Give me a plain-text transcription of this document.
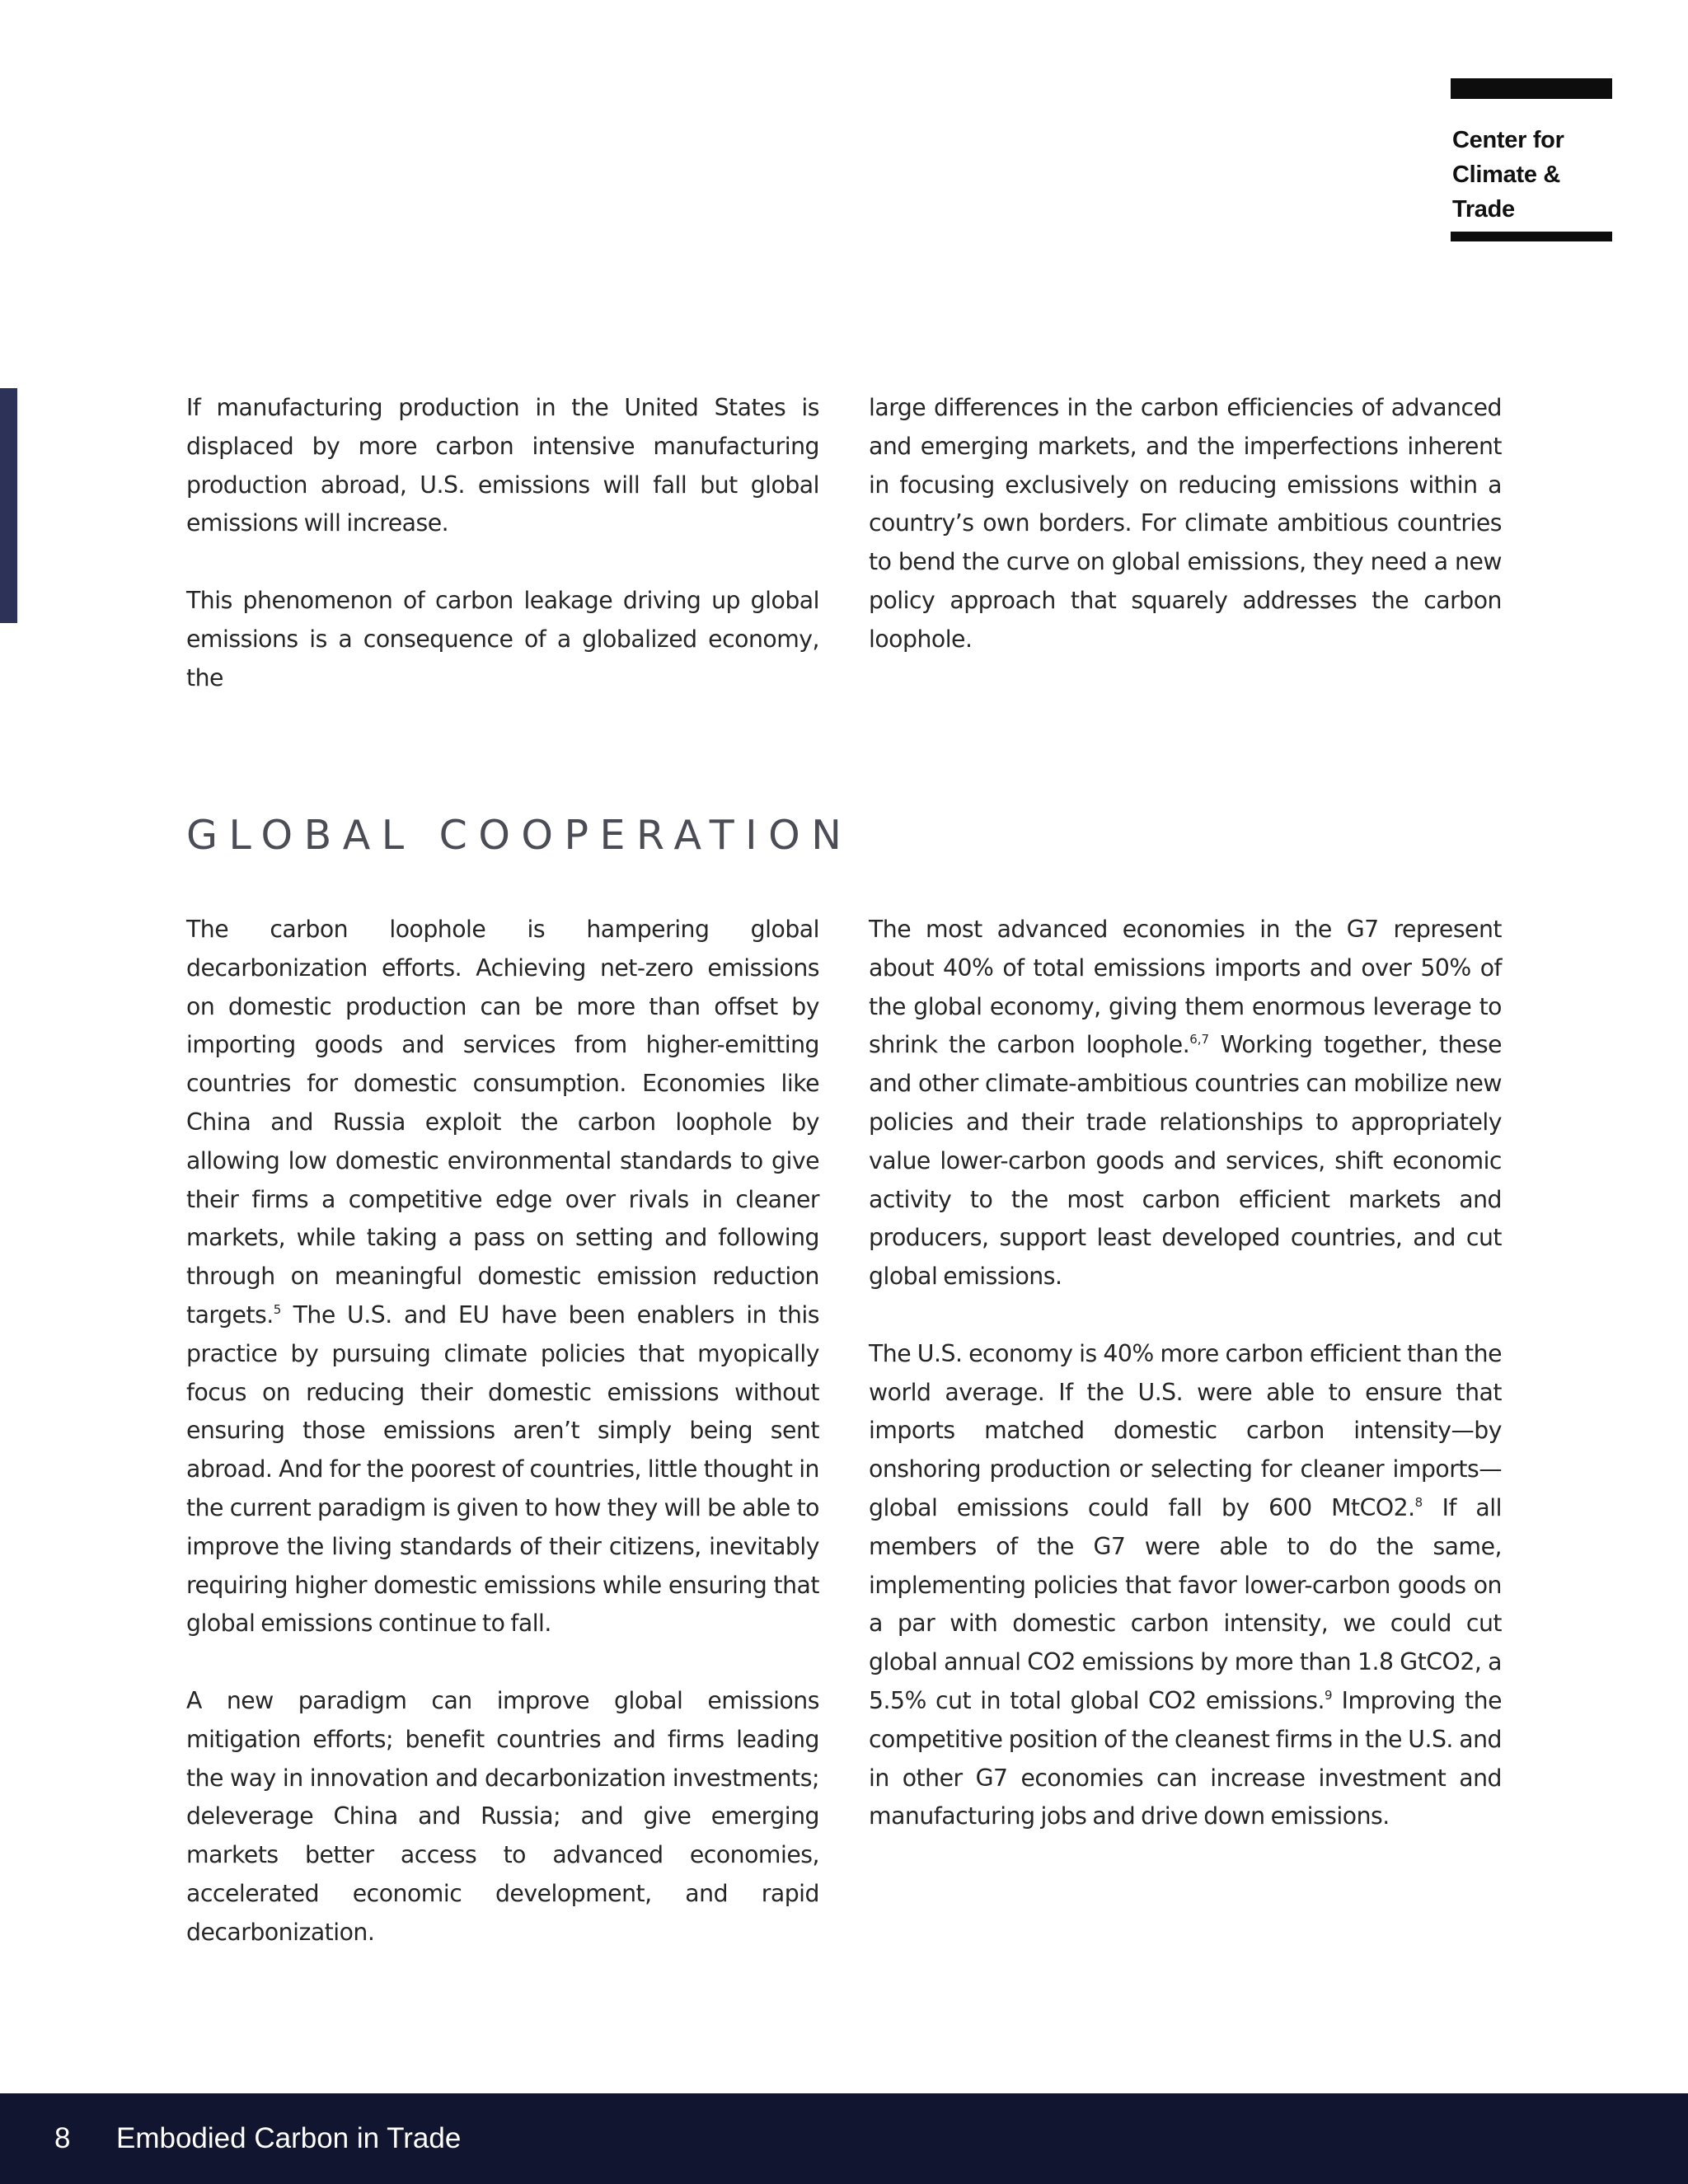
Center for
Climate &
Trade

If manufacturing production in the United States is displaced by more carbon intensive manufacturing production abroad, U.S. emissions will fall but global emissions will increase.

This phenomenon of carbon leakage driving up global emissions is a consequence of a globalized economy, the

large differences in the carbon efficiencies of advanced and emerging markets, and the imperfections inherent in focusing exclusively on reducing emissions within a country’s own borders. For climate ambitious countries to bend the curve on global emissions, they need a new policy approach that squarely addresses the carbon loophole.

GLOBAL COOPERATION

The carbon loophole is hampering global decarbonization efforts. Achieving net-zero emissions on domestic production can be more than offset by importing goods and services from higher-emitting countries for domestic consumption. Economies like China and Russia exploit the carbon loophole by allowing low domestic environmental standards to give their firms a competitive edge over rivals in cleaner markets, while taking a pass on setting and following through on meaningful domestic emission reduction targets.$^5$ The U.S. and EU have been enablers in this practice by pursuing climate policies that myopically focus on reducing their domestic emissions without ensuring those emissions aren’t simply being sent abroad. And for the poorest of countries, little thought in the current paradigm is given to how they will be able to improve the living standards of their citizens, inevitably requiring higher domestic emissions while ensuring that global emissions continue to fall.

A new paradigm can improve global emissions mitigation efforts; benefit countries and firms leading the way in innovation and decarbonization investments; deleverage China and Russia; and give emerging markets better access to advanced economies, accelerated economic development, and rapid decarbonization.

The most advanced economies in the G7 represent about 40% of total emissions imports and over 50% of the global economy, giving them enormous leverage to shrink the carbon loophole.$^{6,7}$ Working together, these and other climate-ambitious countries can mobilize new policies and their trade relationships to appropriately value lower-carbon goods and services, shift economic activity to the most carbon efficient markets and producers, support least developed countries, and cut global emissions.

The U.S. economy is 40% more carbon efficient than the world average. If the U.S. were able to ensure that imports matched domestic carbon intensity—by onshoring production or selecting for cleaner imports—global emissions could fall by 600 MtCO2.$^8$ If all members of the G7 were able to do the same, implementing policies that favor lower-carbon goods on a par with domestic carbon intensity, we could cut global annual CO2 emissions by more than 1.8 GtCO2, a 5.5% cut in total global CO2 emissions.$^9$ Improving the competitive position of the cleanest firms in the U.S. and in other G7 economies can increase investment and manufacturing jobs and drive down emissions.

8 Embodied Carbon in Trade
